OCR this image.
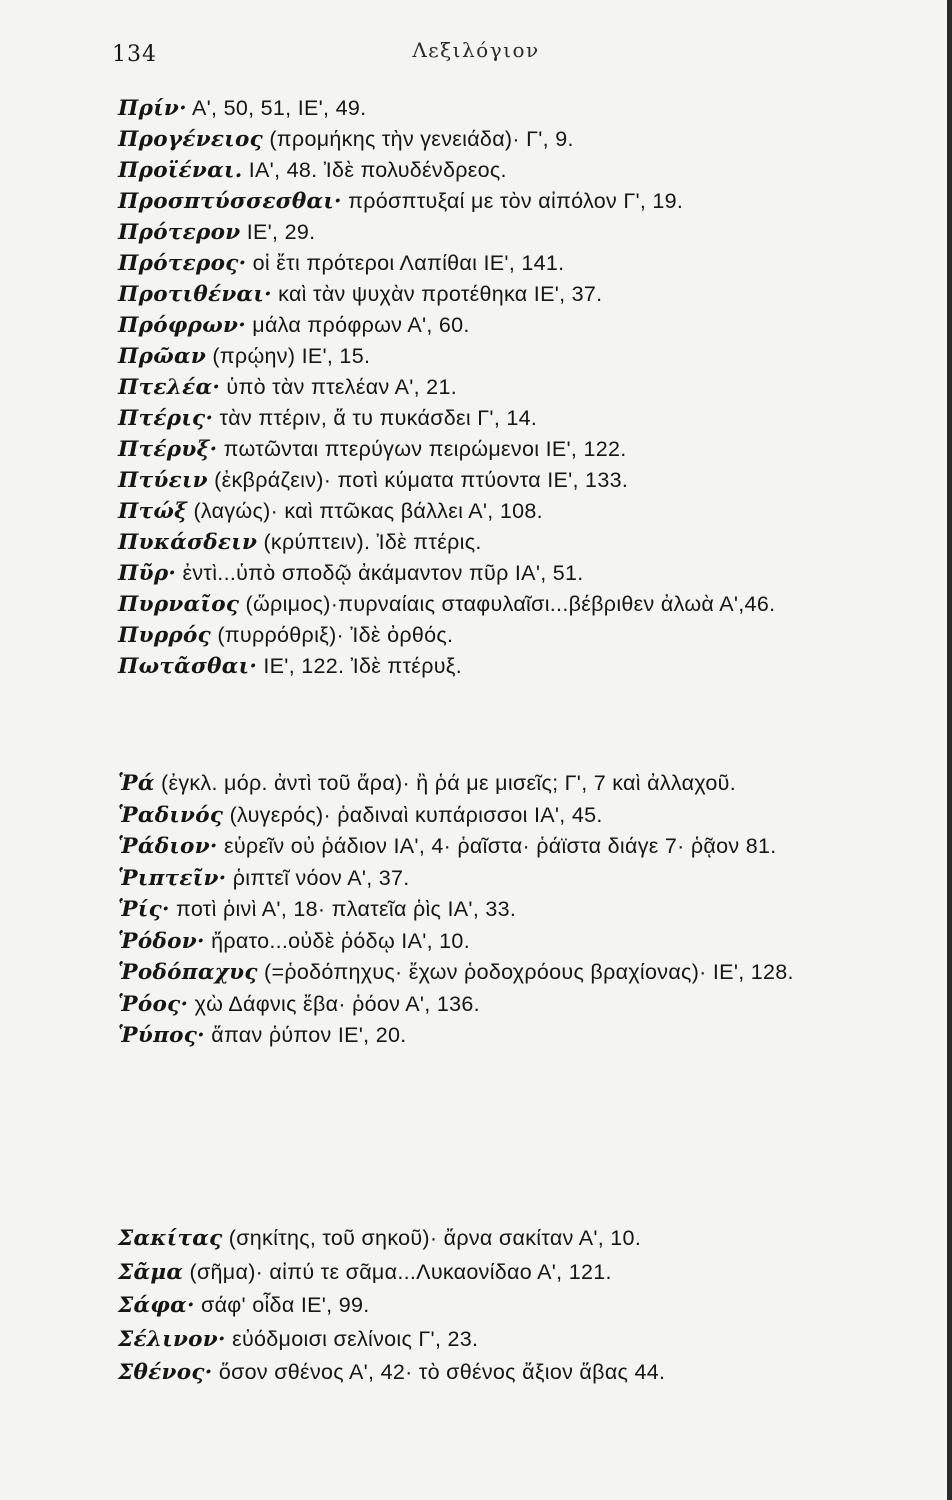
134	Λεξιλόγιον

Πρίν· Α', 50, 51, ΙΕ', 49.

Προγένειος (προμήκης τὴν γενειάδα)· Γ', 9.

Προϊέναι. ΙΑ', 48. Ἰδὲ πολυδένδρεος.

Προσπτύσσεσθαι· πρόσπτυξαί με τὸν αἰπόλον Γ', 19.

Πρότερον ΙΕ', 29.

Πρότερος· οἱ ἔτι πρότεροι Λαπίθαι ΙΕ', 141.

Προτιθέναι· καὶ τὰν ψυχὰν προτέθηκα ΙΕ', 37.

Πρόφρων· μάλα πρόφρων Α', 60.

Πρῶαν (πρῴην) ΙΕ', 15.

Πτελέα· ὑπὸ τὰν πτελέαν Α', 21.

Πτέρις· τὰν πτέριν, ἅ τυ πυκάσδει Γ', 14.

Πτέρυξ· πωτῶνται πτερύγων πειρώμενοι ΙΕ', 122.

Πτύειν (ἐκβράζειν)· ποτὶ κύματα πτύοντα ΙΕ', 133.

Πτώξ (λαγώς)· καὶ πτῶκας βάλλει Α', 108.

Πυκάσδειν (κρύπτειν). Ἰδὲ πτέρις.

Πῦρ· ἐντὶ...ὑπὸ σποδῷ ἀκάμαντον πῦρ ΙΑ', 51.

Πυρναῖος (ὥριμος)·πυρναίαις σταφυλαῖσι...βέβριθεν ἀλωὰ Α',46.

Πυρρός (πυρρόθριξ)· Ἰδὲ ὀρθός.

Πωτᾶσθαι· ΙΕ', 122. Ἰδὲ πτέρυξ.

Ῥά (ἐγκλ. μόρ. ἀντὶ τοῦ ἄρα)· ἢ ῥά με μισεῖς; Γ', 7 καὶ ἀλλαχοῦ.

Ῥαδινός (λυγερός)· ῥαδιναὶ κυπάρισσοι ΙΑ', 45.

Ῥάδιον· εὑρεῖν οὐ ῥάδιον ΙΑ', 4· ῥαῖστα· ῥάϊστα διάγε 7· ῥᾷον 81.

Ῥιπτεῖν· ῥιπτεῖ νόον Α', 37.

Ῥίς· ποτὶ ῥινὶ Α', 18· πλατεῖα ῥὶς ΙΑ', 33.

Ῥόδον· ἤρατο...οὐδὲ ῥόδῳ ΙΑ', 10.

Ῥοδόπαχυς (=ῥοδόπηχυς· ἔχων ῥοδοχρόους βραχίονας)· ΙΕ', 128.

Ῥόος· χὼ Δάφνις ἔβα· ῥόον Α', 136.

Ῥύπος· ἅπαν ῥύπον ΙΕ', 20.

Σακίτας (σηκίτης, τοῦ σηκοῦ)· ἄρνα σακίταν Α', 10.

Σᾶμα (σῆμα)· αἰπύ τε σᾶμα...Λυκαονίδαο Α', 121.

Σάφα· σάφ' οἶδα ΙΕ', 99.

Σέλινον· εὐόδμοισι σελίνοις Γ', 23.

Σθένος· ὅσον σθένος Α', 42· τὸ σθένος ἄξιον ἅβας 44.
